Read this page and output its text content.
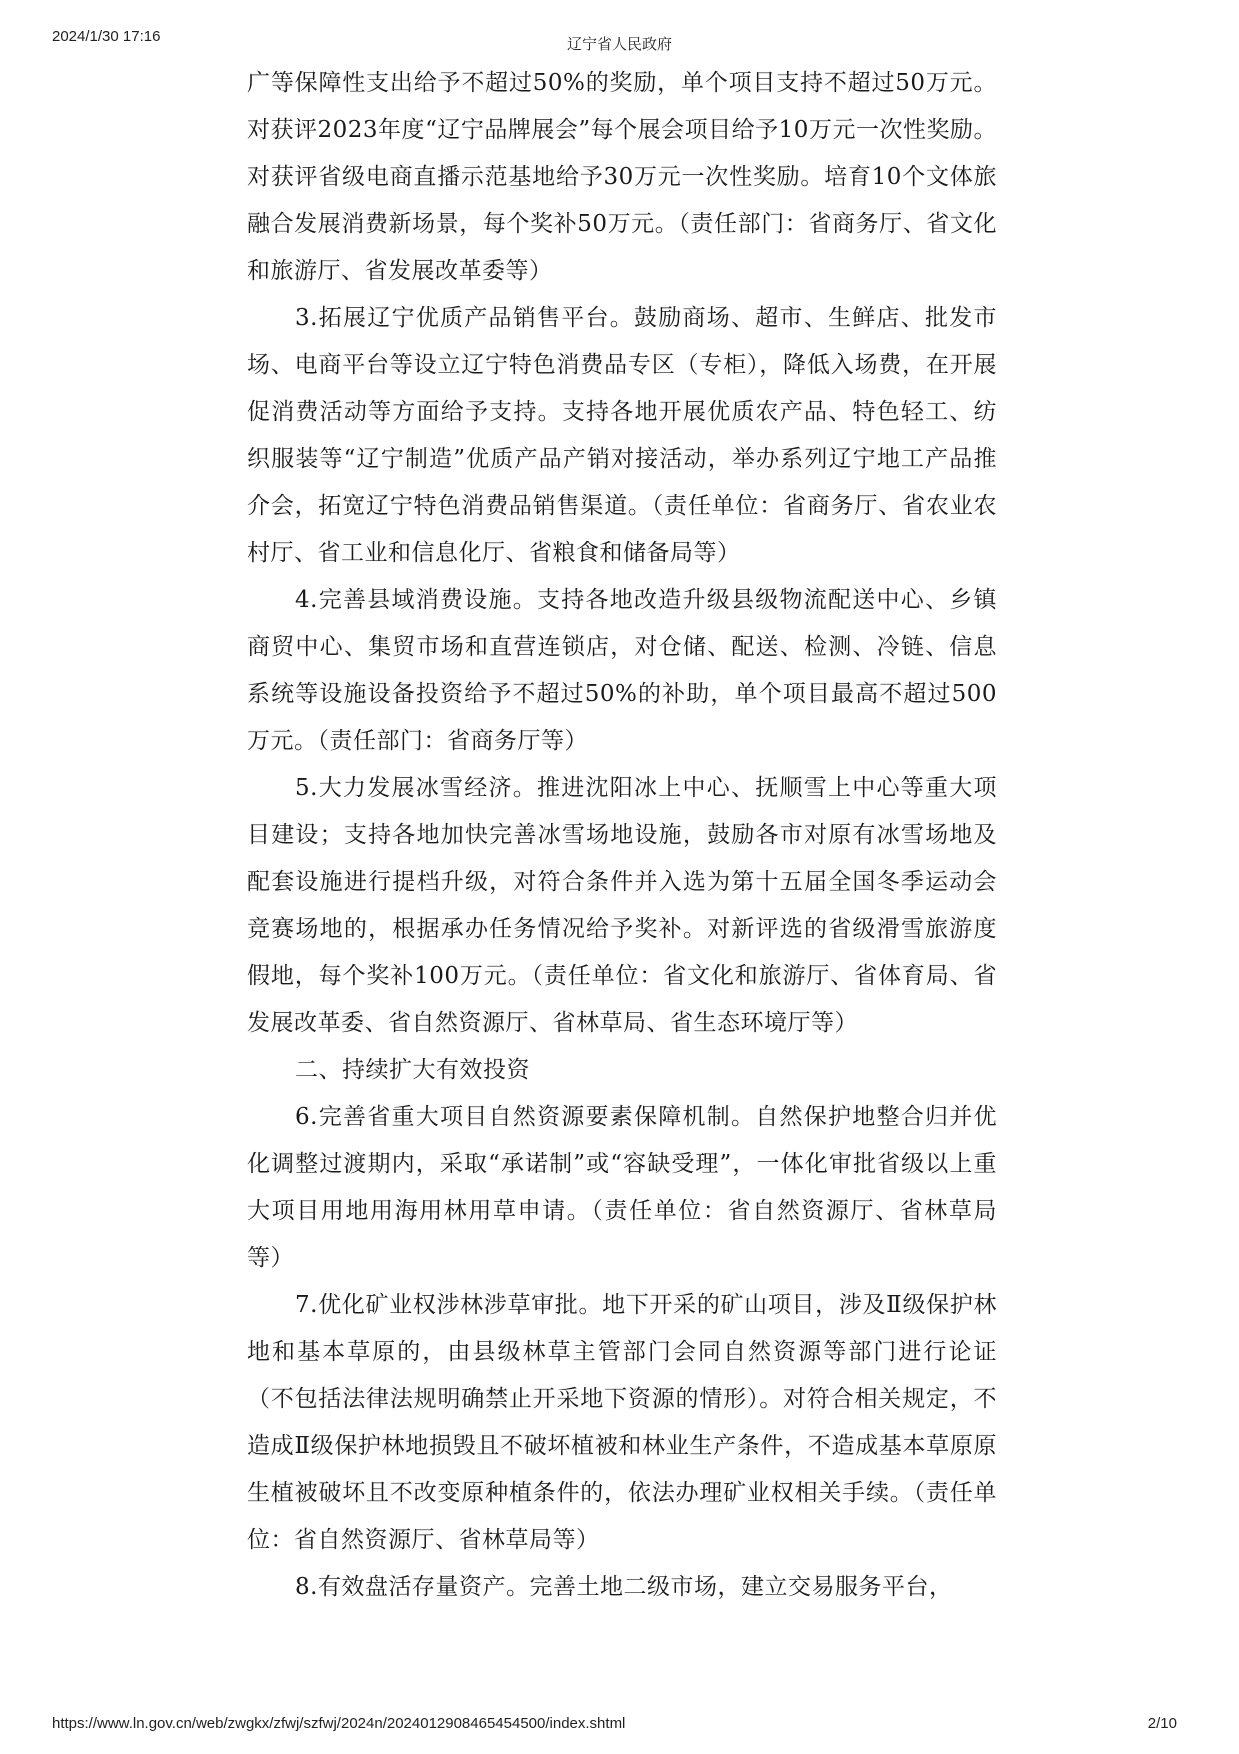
2024/1/30 17:16	辽宁省人民政府

广等保障性支出给予不超过50%的奖励，单个项目支持不超过50万元。对获评2023年度“辽宁品牌展会”每个展会项目给予10万元一次性奖励。对获评省级电商直播示范基地给予30万元一次性奖励。培育10个文体旅融合发展消费新场景，每个奖补50万元。（责任部门：省商务厅、省文化和旅游厅、省发展改革委等）

3.拓展辽宁优质产品销售平台。鼓励商场、超市、生鲜店、批发市场、电商平台等设立辽宁特色消费品专区（专柜），降低入场费，在开展促消费活动等方面给予支持。支持各地开展优质农产品、特色轻工、纺织服装等“辽宁制造”优质产品产销对接活动，举办系列辽宁地工产品推介会，拓宽辽宁特色消费品销售渠道。（责任单位：省商务厅、省农业农村厅、省工业和信息化厅、省粮食和储备局等）

4.完善县域消费设施。支持各地改造升级县级物流配送中心、乡镇商贸中心、集贸市场和直营连锁店，对仓储、配送、检测、冷链、信息系统等设施设备投资给予不超过50%的补助，单个项目最高不超过500万元。（责任部门：省商务厅等）

5.大力发展冰雪经济。推进沈阳冰上中心、抚顺雪上中心等重大项目建设；支持各地加快完善冰雪场地设施，鼓励各市对原有冰雪场地及配套设施进行提档升级，对符合条件并入选为第十五届全国冬季运动会竞赛场地的，根据承办任务情况给予奖补。对新评选的省级滑雪旅游度假地，每个奖补100万元。（责任单位：省文化和旅游厅、省体育局、省发展改革委、省自然资源厅、省林草局、省生态环境厅等）

二、持续扩大有效投资

6.完善省重大项目自然资源要素保障机制。自然保护地整合归并优化调整过渡期内，采取“承诺制”或“容缺受理”，一体化审批省级以上重大项目用地用海用林用草申请。（责任单位：省自然资源厅、省林草局等）

7.优化矿业权涉林涉草审批。地下开采的矿山项目，涉及Ⅱ级保护林地和基本草原的，由县级林草主管部门会同自然资源等部门进行论证（不包括法律法规明确禁止开采地下资源的情形）。对符合相关规定，不造成Ⅱ级保护林地损毁且不破坏植被和林业生产条件，不造成基本草原原生植被破坏且不改变原种植条件的，依法办理矿业权相关手续。（责任单位：省自然资源厅、省林草局等）

8.有效盘活存量资产。完善土地二级市场，建立交易服务平台，

https://www.ln.gov.cn/web/zwgkx/zfwj/szfwj/2024n/2024012908465454500/index.shtml	2/10
